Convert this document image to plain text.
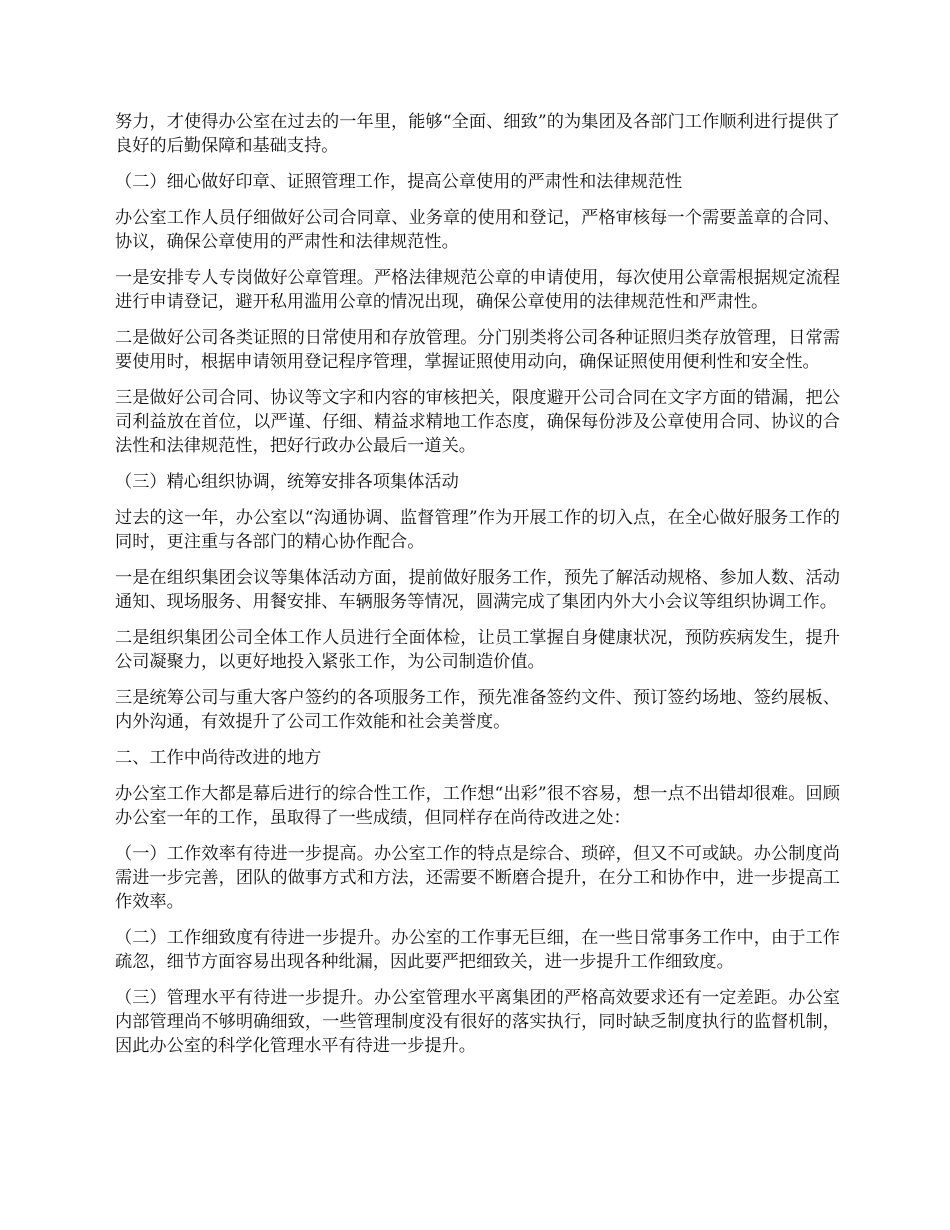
努力，才使得办公室在过去的一年里，能够“全面、细致”的为集团及各部门工作顺利进行提供了良好的后勤保障和基础支持。

（二）细心做好印章、证照管理工作，提高公章使用的严肃性和法律规范性

办公室工作人员仔细做好公司合同章、业务章的使用和登记，严格审核每一个需要盖章的合同、协议，确保公章使用的严肃性和法律规范性。

一是安排专人专岗做好公章管理。严格法律规范公章的申请使用，每次使用公章需根据规定流程进行申请登记，避开私用滥用公章的情况出现，确保公章使用的法律规范性和严肃性。

二是做好公司各类证照的日常使用和存放管理。分门别类将公司各种证照归类存放管理，日常需要使用时，根据申请领用登记程序管理，掌握证照使用动向，确保证照使用便利性和安全性。

三是做好公司合同、协议等文字和内容的审核把关，限度避开公司合同在文字方面的错漏，把公司利益放在首位，以严谨、仔细、精益求精地工作态度，确保每份涉及公章使用合同、协议的合法性和法律规范性，把好行政办公最后一道关。

（三）精心组织协调，统筹安排各项集体活动

过去的这一年，办公室以“沟通协调、监督管理”作为开展工作的切入点，在全心做好服务工作的同时，更注重与各部门的精心协作配合。

一是在组织集团会议等集体活动方面，提前做好服务工作，预先了解活动规格、参加人数、活动通知、现场服务、用餐安排、车辆服务等情况，圆满完成了集团内外大小会议等组织协调工作。

二是组织集团公司全体工作人员进行全面体检，让员工掌握自身健康状况，预防疾病发生，提升公司凝聚力，以更好地投入紧张工作，为公司制造价值。

三是统筹公司与重大客户签约的各项服务工作，预先准备签约文件、预订签约场地、签约展板、内外沟通，有效提升了公司工作效能和社会美誉度。

二、工作中尚待改进的地方

办公室工作大都是幕后进行的综合性工作，工作想“出彩”很不容易，想一点不出错却很难。回顾办公室一年的工作，虽取得了一些成绩，但同样存在尚待改进之处：

（一）工作效率有待进一步提高。办公室工作的特点是综合、琐碎，但又不可或缺。办公制度尚需进一步完善，团队的做事方式和方法，还需要不断磨合提升，在分工和协作中，进一步提高工作效率。

（二）工作细致度有待进一步提升。办公室的工作事无巨细，在一些日常事务工作中，由于工作疏忽，细节方面容易出现各种纰漏，因此要严把细致关，进一步提升工作细致度。

（三）管理水平有待进一步提升。办公室管理水平离集团的严格高效要求还有一定差距。办公室内部管理尚不够明确细致，一些管理制度没有很好的落实执行，同时缺乏制度执行的监督机制，因此办公室的科学化管理水平有待进一步提升。
